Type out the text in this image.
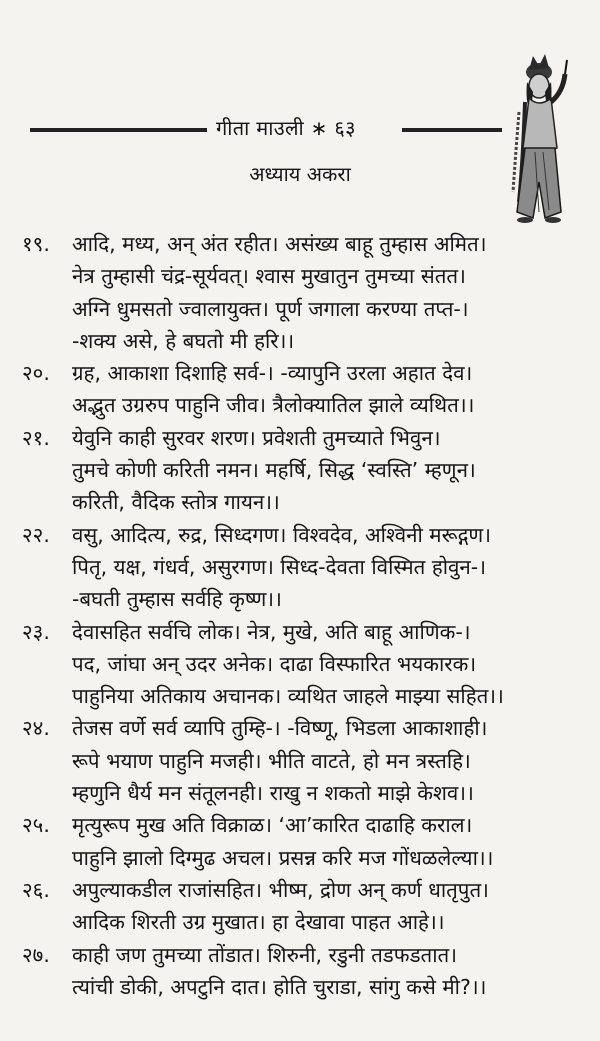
गीता माउली ∗ ६३
अध्याय अकरा
१९.	आदि, मध्य, अन् अंत रहीत। असंख्य बाहू तुम्हास अमित।
नेत्र तुम्हासी चंद्र-सूर्यवत्। श्वास मुखातुन तुमच्या संतत।
अग्नि धुमसतो ज्वालायुक्त। पूर्ण जगाला करण्या तप्त-।
-शक्य असे, हे बघतो मी हरि।।
२०.	ग्रह, आकाशा दिशाहि सर्व-। -व्यापुनि उरला अहात देव।
अद्भुत उग्ररुप पाहुनि जीव। त्रैलोक्यातिल झाले व्यथित।।
२१.	येवुनि काही सुरवर शरण। प्रवेशती तुमच्याते भिवुन।
तुमचे कोणी करिती नमन। महर्षि, सिद्ध ‘स्वस्ति’ म्हणून।
करिती, वैदिक स्तोत्र गायन।।
२२.	वसु, आदित्य, रुद्र, सिध्दगण। विश्वदेव, अश्विनी मरूद्गण।
पितृ, यक्ष, गंधर्व, असुरगण। सिध्द-देवता विस्मित होवुन-।
-बघती तुम्हास सर्वहि कृष्ण।।
२३.	देवासहित सर्वचि लोक। नेत्र, मुखे, अति बाहू आणिक-।
पद, जांघा अन् उदर अनेक। दाढा विस्फारित भयकारक।
पाहुनिया अतिकाय अचानक। व्यथित जाहले माझ्या सहित।।
२४.	तेजस वर्णे सर्व व्यापि तुम्हि-। -विष्णू, भिडला आकाशाही।
रूपे भयाण पाहुनि मजही। भीति वाटते, हो मन त्रस्तहि।
म्हणुनि धैर्य मन संतूलनही। राखु न शकतो माझे केशव।।
२५.	मृत्युरूप मुख अति विक्राळ। ‘आ’कारित दाढाहि कराल।
पाहुनि झालो दिग्मुढ अचल। प्रसन्न करि मज गोंधळलेल्या।।
२६.	अपुल्याकडील राजांसहित। भीष्म, द्रोण अन् कर्ण धातृपुत।
आदिक शिरती उग्र मुखात। हा देखावा पाहत आहे।।
२७.	काही जण तुमच्या तोंडात। शिरुनी, रडुनी तडफडतात।
त्यांची डोकी, अपटुनि दात। होति चुराडा, सांगु कसे मी?।।
